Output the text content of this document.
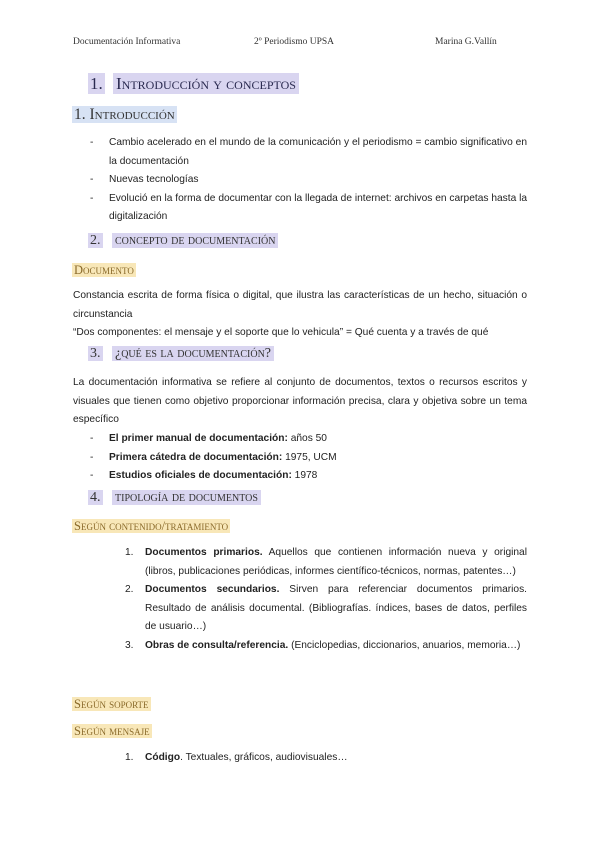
Documentación Informativa	2º Periodismo UPSA	Marina G.Vallín
1. Introducción y conceptos
1. Introducción
- Cambio acelerado en el mundo de la comunicación y el periodismo = cambio significativo en la documentación
- Nuevas tecnologías
- Evolució en la forma de documentar con la llegada de internet: archivos en carpetas hasta la digitalización
2. concepto de documentación
Documento
Constancia escrita de forma física o digital, que ilustra las características de un hecho, situación o circunstancia
“Dos componentes: el mensaje y el soporte que lo vehicula” = Qué cuenta y a través de qué
3. ¿qué es la documentación?
La documentación informativa se refiere al conjunto de documentos, textos o recursos escritos y visuales que tienen como objetivo proporcionar información precisa, clara y objetiva sobre un tema específico
- El primer manual de documentación: años 50
- Primera cátedra de documentación: 1975, UCM
- Estudios oficiales de documentación: 1978
4. tipología de documentos
Según contenido/tratamiento
1. Documentos primarios. Aquellos que contienen información nueva y original (libros, publicaciones periódicas, informes científico-técnicos, normas, patentes…)
2. Documentos secundarios. Sirven para referenciar documentos primarios. Resultado de análisis documental. (Bibliografías. índices, bases de datos, perfiles de usuario…)
3. Obras de consulta/referencia. (Enciclopedias, diccionarios, anuarios, memoria…)
Según soporte
Según mensaje
1. Código. Textuales, gráficos, audiovisuales…
